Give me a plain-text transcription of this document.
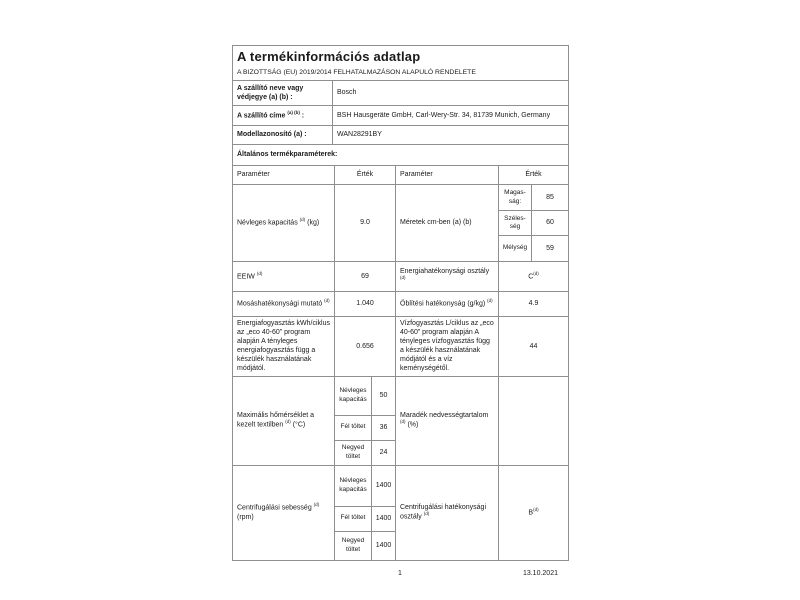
A termékinformációs adatlap
A BIZOTTSÁG (EU) 2019/2014 FELHATALMAZÁSON ALAPULÓ RENDELETE	

A szállító neve vagy védjegye (a) (b) :	Bosch
A szállító címe $^{(a) (b)}$ :	BSH Hausgeräte GmbH, Carl-Wery-Str. 34, 81739 Munich, Germany
Modellazonosító (a) :	WAN28291BY
Általános termékparaméterek:	
Paraméter	Érték		Paraméter	Érték	
Névleges kapacitás $^{(d)}$ (kg)	9.0		Méretek cm-ben (a) (b)	Magasság:	85
				Szélesség	60
				Mélység	59
EEIW $^{(d)}$	69		Energiahatékonysági osztály $^{(d)}$	$C^{(d)}$
Mosáshatékonysági mutató $^{(d)}$	1.040		Öblítési hatékonyság (g/kg) $^{(d)}$	4.9	
Energiafogyasztás kWh/ciklus az „eco 40-60” program alapján A tényleges energiafogyasztás függ a készülék használatának módjától.	0.656		Vízfogyasztás L/ciklus az „eco 40-60” program alapján A tényleges vízfogyasztás függ a készülék használatának módjától és a víz keménységétől.	44	
Maximális hőmérséklet a kezelt textilben $^{(d)}$ (°C)	Névleges kapacitás	50	Maradék nedvességtartalom $^{(d)}$ (%)		
	Fél töltet	36			
	Negyed töltet	24			
Centrifugálási sebesség $^{(d)}$ (rpm)	Névleges kapacitás	1400	Centrifugálási hatékonysági osztály $^{(d)}$	$B^{(d)}$
	Fél töltet	1400			
	Negyed töltet	1400			
1	13.10.2021
